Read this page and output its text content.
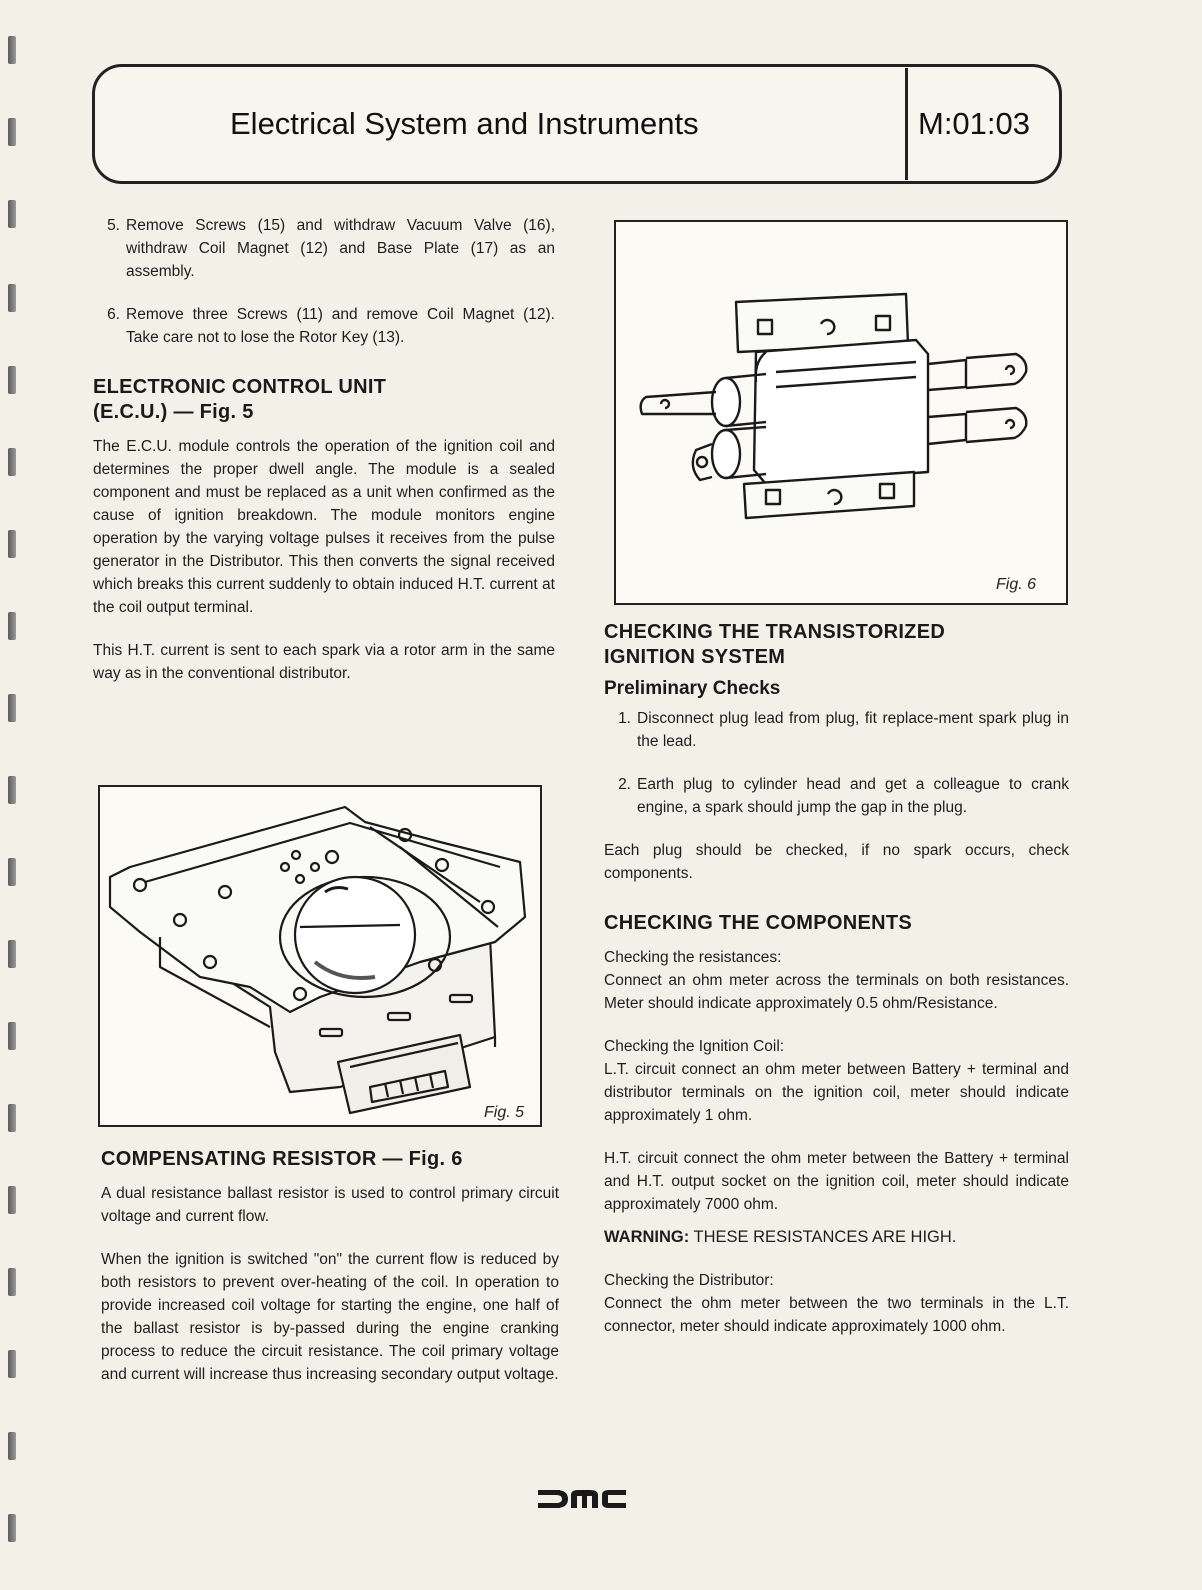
Electrical System and Instruments	M:01:03
5. Remove Screws (15) and withdraw Vacuum Valve (16), withdraw Coil Magnet (12) and Base Plate (17) as an assembly.
6. Remove three Screws (11) and remove Coil Magnet (12). Take care not to lose the Rotor Key (13).
ELECTRONIC CONTROL UNIT
(E.C.U.) — Fig. 5

The E.C.U. module controls the operation of the ignition coil and determines the proper dwell angle. The module is a sealed component and must be replaced as a unit when confirmed as the cause of ignition breakdown. The module monitors engine operation by the varying voltage pulses it receives from the pulse generator in the Distributor. This then converts the signal received which breaks this current suddenly to obtain induced H.T. current at the coil output terminal.

This H.T. current is sent to each spark via a rotor arm in the same way as in the conventional distributor.

Fig. 5
COMPENSATING RESISTOR — Fig. 6

A dual resistance ballast resistor is used to control primary circuit voltage and current flow.

When the ignition is switched "on" the current flow is reduced by both resistors to prevent over-heating of the coil. In operation to provide increased coil voltage for starting the engine, one half of the ballast resistor is by-passed during the engine cranking process to reduce the circuit resistance. The coil primary voltage and current will increase thus increasing secondary output voltage.

Fig. 6
CHECKING THE TRANSISTORIZED
IGNITION SYSTEM
Preliminary Checks
1. Disconnect plug lead from plug, fit replace-ment spark plug in the lead.
2. Earth plug to cylinder head and get a colleague to crank engine, a spark should jump the gap in the plug.

Each plug should be checked, if no spark occurs, check components.

CHECKING THE COMPONENTS

Checking the resistances:

Connect an ohm meter across the terminals on both resistances. Meter should indicate approximately 0.5 ohm/Resistance.

Checking the Ignition Coil:

L.T. circuit connect an ohm meter between Battery + terminal and distributor terminals on the ignition coil, meter should indicate approximately 1 ohm.

H.T. circuit connect the ohm meter between the Battery + terminal and H.T. output socket on the ignition coil, meter should indicate approximately 7000 ohm.

WARNING: THESE RESISTANCES ARE HIGH.

Checking the Distributor:

Connect the ohm meter between the two terminals in the L.T. connector, meter should indicate approximately 1000 ohm.
